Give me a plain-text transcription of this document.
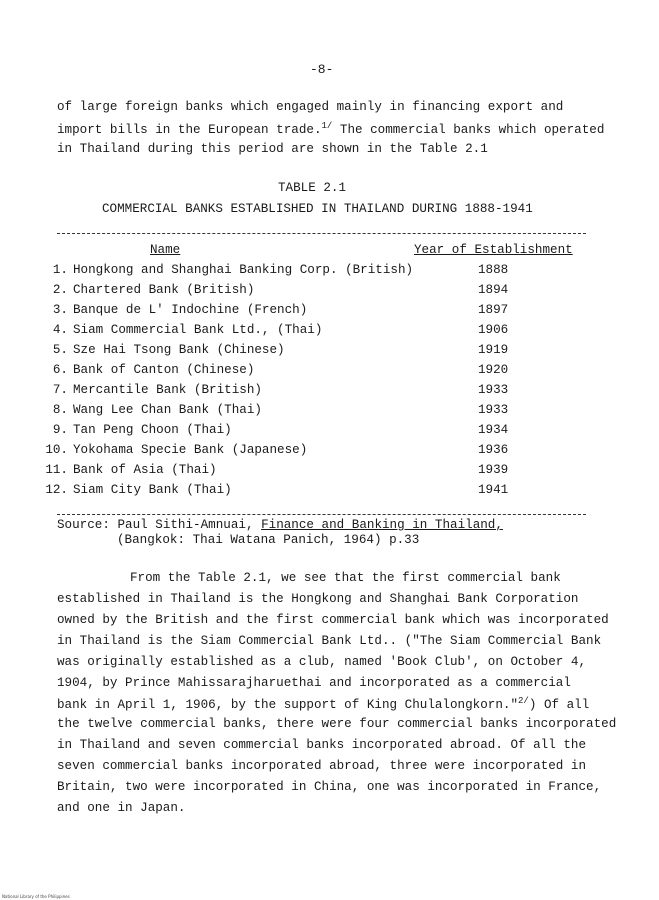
-8-
of large foreign banks which engaged mainly in financing export and
import bills in the European trade.$^{1/}$ The commercial banks which operated
in Thailand during this period are shown in the Table 2.1
TABLE 2.1
COMMERCIAL BANKS ESTABLISHED IN THAILAND DURING 1888-1941
Name	Year of Establishment
1. Hongkong and Shanghai Banking Corp. (British)	1888
2. Chartered Bank (British)	1894
3. Banque de L' Indochine (French)	1897
4. Siam Commercial Bank Ltd., (Thai)	1906
5. Sze Hai Tsong Bank (Chinese)	1919
6. Bank of Canton (Chinese)	1920
7. Mercantile Bank (British)	1933
8. Wang Lee Chan Bank (Thai)	1933
9. Tan Peng Choon (Thai)	1934
10. Yokohama Specie Bank (Japanese)	1936
11. Bank of Asia (Thai)	1939
12. Siam City Bank (Thai)	1941
Source: Paul Sithi-Amnuai, Finance and Banking in Thailand,
(Bangkok: Thai Watana Panich, 1964) p.33
From the Table 2.1, we see that the first commercial bank
established in Thailand is the Hongkong and Shanghai Bank Corporation
owned by the British and the first commercial bank which was incorporated
in Thailand is the Siam Commercial Bank Ltd.. ("The Siam Commercial Bank
was originally established as a club, named 'Book Club', on October 4,
1904, by Prince Mahissarajharuethai and incorporated as a commercial
bank in April 1, 1906, by the support of King Chulalongkorn."$^{2/}$) Of all
the twelve commercial banks, there were four commercial banks incorporated
in Thailand and seven commercial banks incorporated abroad. Of all the
seven commercial banks incorporated abroad, three were incorporated in
Britain, two were incorporated in China, one was incorporated in France,
and one in Japan.
National Library of the Philippines
